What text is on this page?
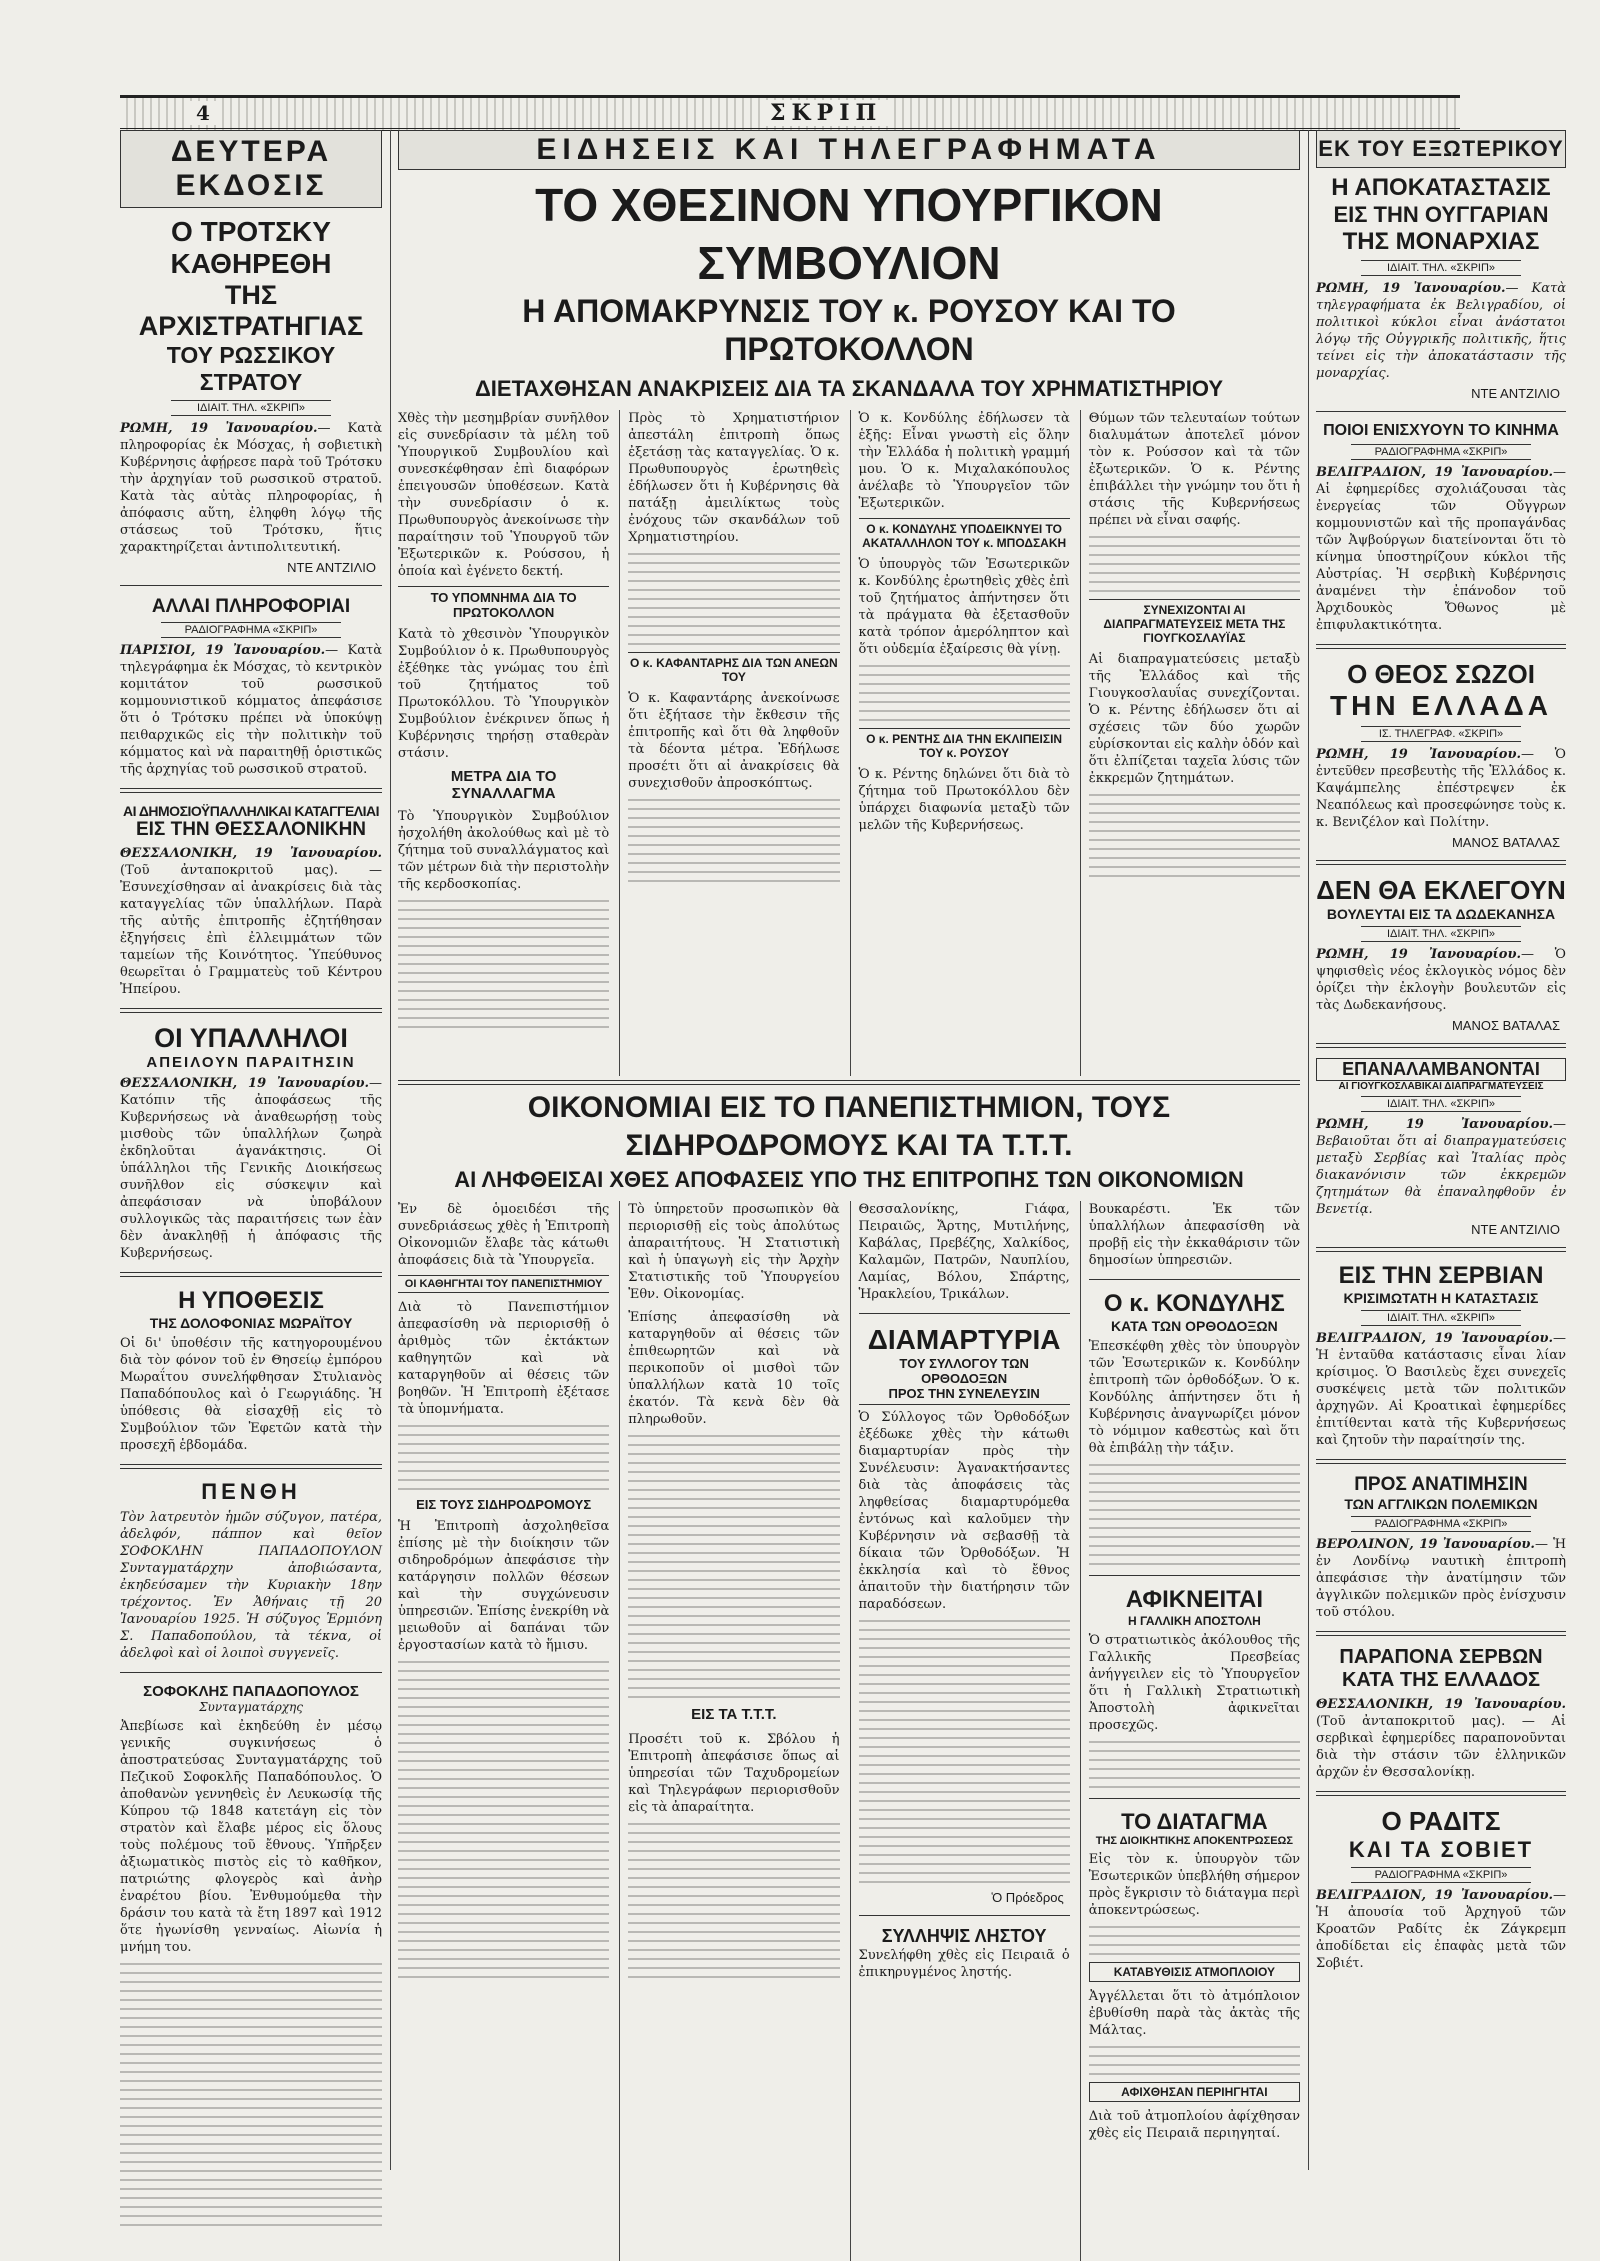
4	ΣΚΡΙΠ
ΔΕΥΤΕΡΑ ΕΚΔΟΣΙΣ
Ο ΤΡΟΤΣΚΥ ΚΑΘΗΡΕΘΗ
ΤΗΣ ΑΡΧΙΣΤΡΑΤΗΓΙΑΣ
ΤΟΥ ΡΩΣΣΙΚΟΥ ΣΤΡΑΤΟΥ
ΙΔΙΑΙΤ. ΤΗΛ. «ΣΚΡΙΠ»

ΡΩΜΗ, 19 Ἰανουαρίου.— Κατὰ πληροφορίας ἐκ Μόσχας, ἡ σοβιετικὴ Κυβέρνησις ἀφῄρεσε παρὰ τοῦ Τρότσκυ τὴν ἀρχηγίαν τοῦ ρωσσικοῦ στρατοῦ. Κατὰ τὰς αὐτὰς πληροφορίας, ἡ ἀπόφασις αὕτη, ἐληφθη λόγῳ τῆς στάσεως τοῦ Τρότσκυ, ἥτις χαρακτηρίζεται ἀντιπολιτευτική.

ΝΤΕ ΑΝΤΖΙΛΙΟ
ΑΛΛΑΙ ΠΛΗΡΟΦΟΡΙΑΙ
ΡΑΔΙΟΓΡΑΦΗΜΑ «ΣΚΡΙΠ»

ΠΑΡΙΣΙΟΙ, 19 Ἰανουαρίου.— Κατὰ τηλεγράφημα ἐκ Μόσχας, τὸ κεντρικὸν κομιτάτον τοῦ ρωσσικοῦ κομμουνιστικοῦ κόμματος ἀπεφάσισε ὅτι ὁ Τρότσκυ πρέπει νὰ ὑποκύψῃ πειθαρχικῶς εἰς τὴν πολιτικὴν τοῦ κόμματος καὶ νὰ παραιτηθῇ ὁριστικῶς τῆς ἀρχηγίας τοῦ ρωσσικοῦ στρατοῦ.

ΑΙ ΔΗΜΟΣΙΟΫΠΑΛΛΗΛΙΚΑΙ ΚΑΤΑΓΓΕΛΙΑΙ
ΕΙΣ ΤΗΝ ΘΕΣΣΑΛΟΝΙΚΗΝ

ΘΕΣΣΑΛΟΝΙΚΗ, 19 Ἰανουαρίου.(Τοῦ ἀνταποκριτοῦ μας). — Ἐσυνεχίσθησαν αἱ ἀνακρίσεις διὰ τὰς καταγγελίας τῶν ὑπαλλήλων. Παρὰ τῆς αὐτῆς ἐπιτροπῆς ἐζητήθησαν ἐξηγήσεις ἐπὶ ἐλλειμμάτων τῶν ταμείων τῆς Κοινότητος. Ὑπεύθυνος θεωρεῖται ὁ Γραμματεὺς τοῦ Κέντρου Ἠπείρου.

ΟΙ ΥΠΑΛΛΗΛΟΙ
ΑΠΕΙΛΟΥΝ ΠΑΡΑΙΤΗΣΙΝ

ΘΕΣΣΑΛΟΝΙΚΗ, 19 Ἰανουαρίου.— Κατόπιν τῆς ἀποφάσεως τῆς Κυβερνήσεως νὰ ἀναθεωρήσῃ τοὺς μισθοὺς τῶν ὑπαλλήλων ζωηρὰ ἐκδηλοῦται ἀγανάκτησις. Οἱ ὑπάλληλοι τῆς Γενικῆς Διοικήσεως συνῆλθον εἰς σύσκεψιν καὶ ἀπεφάσισαν νὰ ὑποβάλουν συλλογικῶς τὰς παραιτήσεις των ἐὰν δὲν ἀνακληθῇ ἡ ἀπόφασις τῆς Κυβερνήσεως.

Η ΥΠΟΘΕΣΙΣ
ΤΗΣ ΔΟΛΟΦΟΝΙΑΣ ΜΩΡΑΪΤΟΥ

Οἱ δι' ὑποθέσιν τῆς κατηγορουμένου διὰ τὸν φόνον τοῦ ἐν Θησείῳ ἐμπόρου Μωραΐτου συνελήφθησαν Στυλιανὸς Παπαδόπουλος καὶ ὁ Γεωργιάδης. Ἡ ὑπόθεσις θὰ εἰσαχθῇ εἰς τὸ Συμβούλιον τῶν Ἐφετῶν κατὰ τὴν προσεχῆ ἑβδομάδα.

ΠΕΝΘΗ

Τὸν λατρευτὸν ἡμῶν σύζυγον, πατέρα, ἀδελφόν, πάππον καὶ θεῖον ΣΟΦΟΚΛΗΝ ΠΑΠΑΔΟΠΟΥΛΟΝ Συνταγματάρχην ἀποβιώσαντα, ἐκηδεύσαμεν τὴν Κυριακὴν 18ην τρέχοντος. Ἐν Ἀθήναις τῇ 20 Ἰανουαρίου 1925. Ἡ σύζυγος Ἑρμιόνη Σ. Παπαδοπούλου, τὰ τέκνα, οἱ ἀδελφοὶ καὶ οἱ λοιποὶ συγγενεῖς.

ΣΟΦΟΚΛΗΣ ΠΑΠΑΔΟΠΟΥΛΟΣ
Συνταγματάρχης

Ἀπεβίωσε καὶ ἐκηδεύθη ἐν μέσῳ γενικῆς συγκινήσεως ὁ ἀποστρατεύσας Συνταγματάρχης τοῦ Πεζικοῦ Σοφοκλῆς Παπαδόπουλος. Ὁ ἀποθανὼν γεννηθεὶς ἐν Λευκωσίᾳ τῆς Κύπρου τῷ 1848 κατετάγη εἰς τὸν στρατὸν καὶ ἔλαβε μέρος εἰς ὅλους τοὺς πολέμους τοῦ ἔθνους. Ὑπῆρξεν ἀξιωματικὸς πιστὸς εἰς τὸ καθῆκον, πατριώτης φλογερὸς καὶ ἀνὴρ ἐναρέτου βίου. Ἐνθυμούμεθα τὴν δράσιν του κατὰ τὰ ἔτη 1897 καὶ 1912 ὅτε ἠγωνίσθη γενναίως. Αἰωνία ἡ μνήμη του.

ΕΙΔΗΣΕΙΣ ΚΑΙ ΤΗΛΕΓΡΑΦΗΜΑΤΑ
ΤΟ ΧΘΕΣΙΝΟΝ ΥΠΟΥΡΓΙΚΟΝ ΣΥΜΒΟΥΛΙΟΝ
Η ΑΠΟΜΑΚΡΥΝΣΙΣ ΤΟΥ κ. ΡΟΥΣΟΥ ΚΑΙ ΤΟ ΠΡΩΤΟΚΟΛΛΟΝ
ΔΙΕΤΑΧΘΗΣΑΝ ΑΝΑΚΡΙΣΕΙΣ ΔΙΑ ΤΑ ΣΚΑΝΔΑΛΑ ΤΟΥ ΧΡΗΜΑΤΙΣΤΗΡΙΟΥ

Χθὲς τὴν μεσημβρίαν συνῆλθον εἰς συνεδρίασιν τὰ μέλη τοῦ Ὑπουργικοῦ Συμβουλίου καὶ συνεσκέφθησαν ἐπὶ διαφόρων ἐπειγουσῶν ὑποθέσεων. Κατὰ τὴν συνεδρίασιν ὁ κ. Πρωθυπουργὸς ἀνεκοίνωσε τὴν παραίτησιν τοῦ Ὑπουργοῦ τῶν Ἐξωτερικῶν κ. Ρούσσου, ἡ ὁποία καὶ ἐγένετο δεκτή.

ΤΟ ΥΠΟΜΝΗΜΑ ΔΙΑ ΤΟ ΠΡΩΤΟΚΟΛΛΟΝ

Κατὰ τὸ χθεσινὸν Ὑπουργικὸν Συμβούλιον ὁ κ. Πρωθυπουργὸς ἐξέθηκε τὰς γνώμας του ἐπὶ τοῦ ζητήματος τοῦ Πρωτοκόλλου. Τὸ Ὑπουργικὸν Συμβούλιον ἐνέκρινεν ὅπως ἡ Κυβέρνησις τηρήσῃ σταθερὰν στάσιν.

ΜΕΤΡΑ ΔΙΑ ΤΟ ΣΥΝΑΛΛΑΓΜΑ

Τὸ Ὑπουργικὸν Συμβούλιον ἠσχολήθη ἀκολούθως καὶ μὲ τὸ ζήτημα τοῦ συναλλάγματος καὶ τῶν μέτρων διὰ τὴν περιστολὴν τῆς κερδοσκοπίας.

Πρὸς τὸ Χρηματιστήριον ἀπεστάλη ἐπιτροπὴ ὅπως ἐξετάσῃ τὰς καταγγελίας. Ὁ κ. Πρωθυπουργὸς ἐρωτηθεὶς ἐδήλωσεν ὅτι ἡ Κυβέρνησις θὰ πατάξῃ ἀμειλίκτως τοὺς ἐνόχους τῶν σκανδάλων τοῦ Χρηματιστηρίου.

Ο κ. ΚΑΦΑΝΤΑΡΗΣ ΔΙΑ ΤΩΝ ΑΝΕΩΝ ΤΟΥ

Ὁ κ. Καφαντάρης ἀνεκοίνωσε ὅτι ἐξήτασε τὴν ἔκθεσιν τῆς ἐπιτροπῆς καὶ ὅτι θὰ ληφθοῦν τὰ δέοντα μέτρα. Ἐδήλωσε προσέτι ὅτι αἱ ἀνακρίσεις θὰ συνεχισθοῦν ἀπροσκόπτως.

Ὁ κ. Κονδύλης ἐδήλωσεν τὰ ἑξῆς: Εἶναι γνωστὴ εἰς ὅλην τὴν Ἑλλάδα ἡ πολιτικὴ γραμμή μου. Ὁ κ. Μιχαλακόπουλος ἀνέλαβε τὸ Ὑπουργεῖον τῶν Ἐξωτερικῶν.

Ο κ. ΚΟΝΔΥΛΗΣ ΥΠΟΔΕΙΚΝΥΕΙ ΤΟ ΑΚΑΤΑΛΛΗΛΟΝ ΤΟΥ κ. ΜΠΟΔΣΑΚΗ

Ὁ ὑπουργὸς τῶν Ἐσωτερικῶν κ. Κονδύλης ἐρωτηθεὶς χθὲς ἐπὶ τοῦ ζητήματος ἀπήντησεν ὅτι τὰ πράγματα θὰ ἐξετασθοῦν κατὰ τρόπον ἀμερόληπτον καὶ ὅτι οὐδεμία ἐξαίρεσις θὰ γίνῃ.

Ο κ. ΡΕΝΤΗΣ ΔΙΑ ΤΗΝ ΕΚΛΙΠΕΙΣΙΝ ΤΟΥ κ. ΡΟΥΣΟΥ

Ὁ κ. Ρέντης δηλώνει ὅτι διὰ τὸ ζήτημα τοῦ Πρωτοκόλλου δὲν ὑπάρχει διαφωνία μεταξὺ τῶν μελῶν τῆς Κυβερνήσεως.

Θύμων τῶν τελευταίων τούτων διαλυμάτων ἀποτελεῖ μόνον τὸν κ. Ρούσσον καὶ τὰ τῶν ἐξωτερικῶν. Ὁ κ. Ρέντης ἐπιβάλλει τὴν γνώμην του ὅτι ἡ στάσις τῆς Κυβερνήσεως πρέπει νὰ εἶναι σαφής.

ΣΥΝΕΧΙΖΟΝΤΑΙ ΑΙ ΔΙΑΠΡΑΓΜΑΤΕΥΣΕΙΣ ΜΕΤΑ ΤΗΣ ΓΙΟΥΓΚΟΣΛΑΥΪΑΣ

Αἱ διαπραγματεύσεις μεταξὺ τῆς Ἑλλάδος καὶ τῆς Γιουγκοσλαυΐας συνεχίζονται. Ὁ κ. Ρέντης ἐδήλωσεν ὅτι αἱ σχέσεις τῶν δύο χωρῶν εὑρίσκονται εἰς καλὴν ὁδόν καὶ ὅτι ἐλπίζεται ταχεῖα λύσις τῶν ἐκκρεμῶν ζητημάτων.

ΟΙΚΟΝΟΜΙΑΙ ΕΙΣ ΤΟ ΠΑΝΕΠΙΣΤΗΜΙΟΝ, ΤΟΥΣ ΣΙΔΗΡΟΔΡΟΜΟΥΣ ΚΑΙ ΤΑ Τ.Τ.Τ.
ΑΙ ΛΗΦΘΕΙΣΑΙ ΧΘΕΣ ΑΠΟΦΑΣΕΙΣ ΥΠΟ ΤΗΣ ΕΠΙΤΡΟΠΗΣ ΤΩΝ ΟΙΚΟΝΟΜΙΩΝ

Ἐν δὲ ὁμοειδέσι τῆς συνεδριάσεως χθὲς ἡ Ἐπιτροπὴ Οἰκονομιῶν ἔλαβε τὰς κάτωθι ἀποφάσεις διὰ τὰ Ὑπουργεῖα.

ΟΙ ΚΑΘΗΓΗΤΑΙ ΤΟΥ ΠΑΝΕΠΙΣΤΗΜΙΟΥ

Διὰ τὸ Πανεπιστήμιον ἀπεφασίσθη νὰ περιορισθῇ ὁ ἀριθμὸς τῶν ἐκτάκτων καθηγητῶν καὶ νὰ καταργηθοῦν αἱ θέσεις τῶν βοηθῶν. Ἡ Ἐπιτροπὴ ἐξέτασε τὰ ὑπομνήματα.

ΕΙΣ ΤΟΥΣ ΣΙΔΗΡΟΔΡΟΜΟΥΣ

Ἡ Ἐπιτροπὴ ἀσχοληθεῖσα ἐπίσης μὲ τὴν διοίκησιν τῶν σιδηροδρόμων ἀπεφάσισε τὴν κατάργησιν πολλῶν θέσεων καὶ τὴν συγχώνευσιν ὑπηρεσιῶν. Ἐπίσης ἐνεκρίθη νὰ μειωθοῦν αἱ δαπάναι τῶν ἐργοστασίων κατὰ τὸ ἥμισυ.

Τὸ ὑπηρετοῦν προσωπικὸν θὰ περιορισθῇ εἰς τοὺς ἀπολύτως ἀπαραιτήτους. Ἡ Στατιστικὴ καὶ ἡ ὑπαγωγὴ εἰς τὴν Ἀρχὴν Στατιστικῆς τοῦ Ὑπουργείου Ἐθν. Οἰκονομίας.

Ἐπίσης ἀπεφασίσθη νὰ καταργηθοῦν αἱ θέσεις τῶν ἐπιθεωρητῶν καὶ νὰ περικοποῦν οἱ μισθοὶ τῶν ὑπαλλήλων κατὰ 10 τοῖς ἑκατόν. Τὰ κενὰ δὲν θὰ πληρωθοῦν.

ΕΙΣ ΤΑ Τ.Τ.Τ.

Προσέτι τοῦ κ. Σβόλου ἡ Ἐπιτροπὴ ἀπεφάσισε ὅπως αἱ ὑπηρεσίαι τῶν Ταχυδρομείων καὶ Τηλεγράφων περιορισθοῦν εἰς τὰ ἀπαραίτητα.

Θεσσαλονίκης, Γιάφα, Πειραιῶς, Ἄρτης, Μυτιλήνης, Καβάλας, Πρεβέζης, Χαλκίδος, Καλαμῶν, Πατρῶν, Ναυπλίου, Λαμίας, Βόλου, Σπάρτης, Ἡρακλείου, Τρικάλων.

ΔΙΑΜΑΡΤΥΡΙΑ
ΤΟΥ ΣΥΛΛΟΓΟΥ ΤΩΝ ΟΡΘΟΔΟΞΩΝ
ΠΡΟΣ ΤΗΝ ΣΥΝΕΛΕΥΣΙΝ

Ὁ Σύλλογος τῶν Ὀρθοδόξων ἐξέδωκε χθὲς τὴν κάτωθι διαμαρτυρίαν πρὸς τὴν Συνέλευσιν: Ἀγανακτήσαντες διὰ τὰς ἀποφάσεις τὰς ληφθείσας διαμαρτυρόμεθα ἐντόνως καὶ καλοῦμεν τὴν Κυβέρνησιν νὰ σεβασθῇ τὰ δίκαια τῶν Ὀρθοδόξων. Ἡ ἐκκλησία καὶ τὸ ἔθνος ἀπαιτοῦν τὴν διατήρησιν τῶν παραδόσεων.

Ὁ Πρόεδρος
ΣΥΛΛΗΨΙΣ ΛΗΣΤΟΥ

Συνελήφθη χθὲς εἰς Πειραιᾶ ὁ ἐπικηρυγμένος ληστής.

Βουκαρέστι. Ἐκ τῶν ὑπαλλήλων ἀπεφασίσθη νὰ προβῇ εἰς τὴν ἐκκαθάρισιν τῶν δημοσίων ὑπηρεσιῶν.

Ο κ. ΚΟΝΔΥΛΗΣ
ΚΑΤΑ ΤΩΝ ΟΡΘΟΔΟΞΩΝ

Ἐπεσκέφθη χθὲς τὸν ὑπουργὸν τῶν Ἐσωτερικῶν κ. Κονδύλην ἐπιτροπὴ τῶν ὀρθοδόξων. Ὁ κ. Κονδύλης ἀπήντησεν ὅτι ἡ Κυβέρνησις ἀναγνωρίζει μόνον τὸ νόμιμον καθεστὼς καὶ ὅτι θὰ ἐπιβάλῃ τὴν τάξιν.

ΑΦΙΚΝΕΙΤΑΙ
Η ΓΑΛΛΙΚΗ ΑΠΟΣΤΟΛΗ

Ὁ στρατιωτικὸς ἀκόλουθος τῆς Γαλλικῆς Πρεσβείας ἀνήγγειλεν εἰς τὸ Ὑπουργεῖον ὅτι ἡ Γαλλικὴ Στρατιωτικὴ Ἀποστολὴ ἀφικνεῖται προσεχῶς.

ΤΟ ΔΙΑΤΑΓΜΑ
ΤΗΣ ΔΙΟΙΚΗΤΙΚΗΣ ΑΠΟΚΕΝΤΡΩΣΕΩΣ

Εἰς τὸν κ. ὑπουργὸν τῶν Ἐσωτερικῶν ὑπεβλήθη σήμερον πρὸς ἔγκρισιν τὸ διάταγμα περὶ ἀποκεντρώσεως.

ΚΑΤΑΒΥΘΙΣΙΣ ΑΤΜΟΠΛΟΙΟΥ

Ἀγγέλλεται ὅτι τὸ ἀτμόπλοιον ἐβυθίσθη παρὰ τὰς ἀκτὰς τῆς Μάλτας.

ΑΦΙΧΘΗΣΑΝ ΠΕΡΙΗΓΗΤΑΙ

Διὰ τοῦ ἀτμοπλοίου ἀφίχθησαν χθὲς εἰς Πειραιᾶ περιηγηταί.

ΕΚ ΤΟΥ ΕΞΩΤΕΡΙΚΟΥ
Η ΑΠΟΚΑΤΑΣΤΑΣΙΣ
ΕΙΣ ΤΗΝ ΟΥΓΓΑΡΙΑΝ
ΤΗΣ ΜΟΝΑΡΧΙΑΣ
ΙΔΙΑΙΤ. ΤΗΛ. «ΣΚΡΙΠ»

ΡΩΜΗ, 19 Ἰανουαρίου.— Κατὰ τηλεγραφήματα ἐκ Βελιγραδίου, οἱ πολιτικοὶ κύκλοι εἶναι ἀνάστατοι λόγῳ τῆς Οὐγγρικῆς πολιτικῆς, ἥτις τείνει εἰς τὴν ἀποκατάστασιν τῆς μοναρχίας.

ΝΤΕ ΑΝΤΖΙΛΙΟ
ΠΟΙΟΙ ΕΝΙΣΧΥΟΥΝ ΤΟ ΚΙΝΗΜΑ
ΡΑΔΙΟΓΡΑΦΗΜΑ «ΣΚΡΙΠ»

ΒΕΛΙΓΡΑΔΙΟΝ, 19 Ἰανουαρίου.— Αἱ ἐφημερίδες σχολιάζουσαι τὰς ἐνεργείας τῶν Οὔγγρων κομμουνιστῶν καὶ τῆς προπαγάνδας τῶν Ἀψβούργων διατείνονται ὅτι τὸ κίνημα ὑποστηρίζουν κύκλοι τῆς Αὐστρίας. Ἡ σερβικὴ Κυβέρνησις ἀναμένει τὴν ἐπάνοδον τοῦ Ἀρχιδουκὸς Ὄθωνος μὲ ἐπιφυλακτικότητα.

Ο ΘΕΟΣ ΣΩΖΟΙ
ΤΗΝ ΕΛΛΑΔΑ
ΙΣ. ΤΗΛΕΓΡΑΦ. «ΣΚΡΙΠ»

ΡΩΜΗ, 19 Ἰανουαρίου.— Ὁ ἐντεῦθεν πρεσβευτὴς τῆς Ἑλλάδος κ. Καψάμπελης ἐπέστρεψεν ἐκ Νεαπόλεως καὶ προσεφώνησε τοὺς κ. κ. Βενιζέλον καὶ Πολίτην.

ΜΑΝΟΣ ΒΑΤΑΛΑΣ
ΔΕΝ ΘΑ ΕΚΛΕΓΟΥΝ
ΒΟΥΛΕΥΤΑΙ ΕΙΣ ΤΑ ΔΩΔΕΚΑΝΗΣΑ
ΙΔΙΑΙΤ. ΤΗΛ. «ΣΚΡΙΠ»

ΡΩΜΗ, 19 Ἰανουαρίου.— Ὁ ψηφισθεὶς νέος ἐκλογικὸς νόμος δὲν ὁρίζει τὴν ἐκλογὴν βουλευτῶν εἰς τὰς Δωδεκανήσους.

ΜΑΝΟΣ ΒΑΤΑΛΑΣ
ΕΠΑΝΑΛΑΜΒΑΝΟΝΤΑΙ
ΑΙ ΓΙΟΥΓΚΟΣΛΑΒΙΚΑΙ ΔΙΑΠΡΑΓΜΑΤΕΥΣΕΙΣ
ΙΔΙΑΙΤ. ΤΗΛ. «ΣΚΡΙΠ»

ΡΩΜΗ, 19 Ἰανουαρίου.— Βεβαιοῦται ὅτι αἱ διαπραγματεύσεις μεταξὺ Σερβίας καὶ Ἰταλίας πρὸς διακανόνισιν τῶν ἐκκρεμῶν ζητημάτων θὰ ἐπαναληφθοῦν ἐν Βενετίᾳ.

ΝΤΕ ΑΝΤΖΙΛΙΟ
ΕΙΣ ΤΗΝ ΣΕΡΒΙΑΝ
ΚΡΙΣΙΜΩΤΑΤΗ Η ΚΑΤΑΣΤΑΣΙΣ
ΙΔΙΑΙΤ. ΤΗΛ. «ΣΚΡΙΠ»

ΒΕΛΙΓΡΑΔΙΟΝ, 19 Ἰανουαρίου.— Ἡ ἐνταῦθα κατάστασις εἶναι λίαν κρίσιμος. Ὁ Βασιλεὺς ἔχει συνεχεῖς συσκέψεις μετὰ τῶν πολιτικῶν ἀρχηγῶν. Αἱ Κροατικαὶ ἐφημερίδες ἐπιτίθενται κατὰ τῆς Κυβερνήσεως καὶ ζητοῦν τὴν παραίτησίν της.

ΠΡΟΣ ΑΝΑΤΙΜΗΣΙΝ
ΤΩΝ ΑΓΓΛΙΚΩΝ ΠΟΛΕΜΙΚΩΝ
ΡΑΔΙΟΓΡΑΦΗΜΑ «ΣΚΡΙΠ»

ΒΕΡΟΛΙΝΟΝ, 19 Ἰανουαρίου.— Ἡ ἐν Λονδίνῳ ναυτικὴ ἐπιτροπὴ ἀπεφάσισε τὴν ἀνατίμησιν τῶν ἀγγλικῶν πολεμικῶν πρὸς ἐνίσχυσιν τοῦ στόλου.

ΠΑΡΑΠΟΝΑ ΣΕΡΒΩΝ
ΚΑΤΑ ΤΗΣ ΕΛΛΑΔΟΣ

ΘΕΣΣΑΛΟΝΙΚΗ, 19 Ἰανουαρίου.(Τοῦ ἀνταποκριτοῦ μας). — Αἱ σερβικαὶ ἐφημερίδες παραπονοῦνται διὰ τὴν στάσιν τῶν ἑλληνικῶν ἀρχῶν ἐν Θεσσαλονίκῃ.

Ο ΡΑΔΙΤΣ
ΚΑΙ ΤΑ ΣΟΒΙΕΤ
ΡΑΔΙΟΓΡΑΦΗΜΑ «ΣΚΡΙΠ»

ΒΕΛΙΓΡΑΔΙΟΝ, 19 Ἰανουαρίου.— Ἡ ἀπουσία τοῦ Ἀρχηγοῦ τῶν Κροατῶν Ραδίτς ἐκ Ζάγκρεμπ ἀποδίδεται εἰς ἐπαφὰς μετὰ τῶν Σοβιέτ.
